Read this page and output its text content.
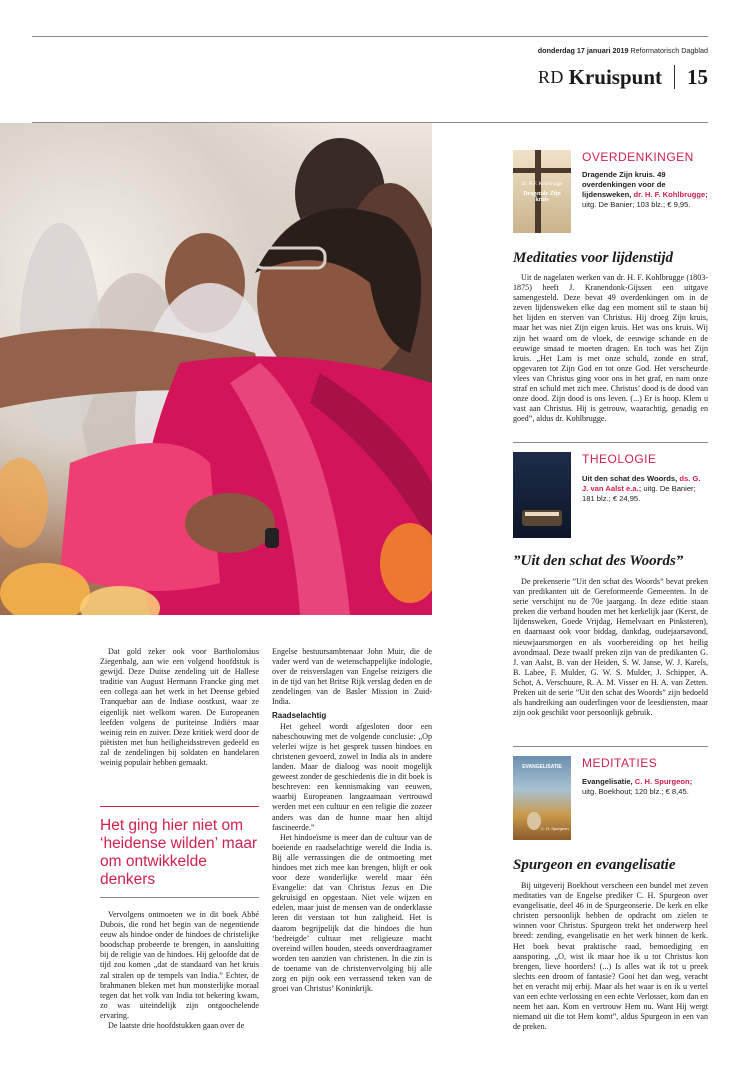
donderdag 17 januari 2019 Reformatorisch Dagblad
RD Kruispunt 15

Dat gold zeker ook voor Bartholomäus Ziegenbalg, aan wie een volgend hoofdstuk is gewijd. Deze Duitse zendeling uit de Hallese traditie van August Hermann Francke ging met een collega aan het werk in het Deense gebied Tranquebar aan de Indiase oostkust, waar ze eigenlijk niet welkom waren. De Europeanen leefden volgens de puriteinse Indiërs maar weinig rein en zuiver. Deze kritiek werd door de piëtisten met hun heiligheidsstreven gedeeld en zal de zendelingen bij soldaten en handelaren weinig populair hebben gemaakt.

Het ging hier niet om ‘heidense wilden’ maar om ontwikkelde denkers

Vervolgens ontmoeten we in dit boek Abbé Dubois, die rond het begin van de negentiende eeuw als hindoe onder de hindoes de christelijke boodschap probeerde te brengen, in aansluiting bij de religie van de hindoes. Hij geloofde dat de tijd zou komen „dat de standaard van het kruis zal stralen op de tempels van India.” Echter, de brahmanen bleken met hun monsterlijke moraal tegen dat het volk van India tot bekering kwam, zo was uiteindelijk zijn ontgoochelende ervaring.

De laatste drie hoofdstukken gaan over de

Engelse bestuursambtenaar John Muir, die de vader werd van de wetenschappelijke indologie, over de reisverslagen van Engelse reizigers die in de tijd van het Britse Rijk verslag deden en de zendelingen van de Basler Mission in Zuid-India.

Raadselachtig

Het geheel wordt afgesloten door een nabeschouwing met de volgende conclusie: „Op velerlei wijze is het gesprek tussen hindoes en christenen gevoerd, zowel in India als in andere landen. Maar de dialoog was nooit mogelijk geweest zonder de geschiedenis die in dit boek is beschreven: een kennismaking van eeuwen, waarbij Europeanen langzaamaan vertrouwd werden met een cultuur en een religie die zozeer anders was dan de hunne maar hen altijd fascineerde.”

Het hindoeïsme is meer dan de cultuur van de boeiende en raadselachtige wereld die India is. Bij alle verrassingen die de ontmoeting met hindoes met zich mee kan brengen, blijft er ook voor deze wonderlijke wereld maar één Evangelie: dat van Christus Jezus en Die gekruisigd en opgestaan. Niet vele wijzen en edelen, maar juist de mensen van de onderklasse leren dit verstaan tot hun zaligheid. Het is daarom begrijpelijk dat die hindoes die hun ‘bedreigde’ cultuur met religieuze macht overeind willen houden, steeds onverdraagzamer worden ten aanzien van christenen. In die zin is de toename van de christenvervolging bij alle zorg en pijn ook een verrassend teken van de groei van Christus’ Koninkrijk.

Dr. H.F. Kohlbrugge
Dragende Zijn kruis
OVERDENKINGEN
Dragende Zijn kruis. 49 overdenkingen voor de lijdensweken, dr. H. F. Kohlbrugge; uitg. De Banier; 103 blz.; € 9,95.
Meditaties voor lijdenstijd

Uit de nagelaten werken van dr. H. F. Kohlbrugge (1803-1875) heeft J. Kranendonk-Gijssen een uitgave samengesteld. Deze bevat 49 overdenkingen om in de zeven lijdensweken elke dag een moment stil te staan bij het lijden en sterven van Christus. Hij droeg Zijn kruis, maar het was niet Zijn eigen kruis. Het was ons kruis. Wij zijn het waard om de vloek, de eeuwige schande en de eeuwige smaad te moeten dragen. En toch was het Zijn kruis. „Het Lam is met onze schuld, zonde en straf, opgevaren tot Zijn God en tot onze God. Het verscheurde vlees van Christus ging voor ons in het graf, en nam onze straf en schuld met zich mee. Christus’ dood is de dood van onze dood. Zijn dood is ons leven. (...) Er is hoop. Klem u vast aan Christus. Hij is getrouw, waarachtig, genadig en goed”, aldus dr. Kohlbrugge.

THEOLOGIE
Uit den schat des Woords, ds. G. J. van Aalst e.a.; uitg. De Banier; 181 blz.; € 24,95.
”Uit den schat des Woords”

De prekenserie ”Uit den schat des Woords” bevat preken van predikanten uit de Gereformeerde Gemeenten. In de serie verschijnt nu de 70e jaargang. In deze editie staan preken die verband houden met het kerkelijk jaar (Kerst, de lijdensweken, Goede Vrijdag, Hemelvaart en Pinksteren), en daarnaast ook voor biddag, dankdag, oudejaarsavond, nieuwjaarsmorgen en als voorbereiding op het heilig avondmaal. Deze twaalf preken zijn van de predikanten G. J. van Aalst, B. van der Heiden, S. W. Janse, W. J. Karels, B. Labee, F. Mulder, G. W. S. Mulder, J. Schipper, A. Schot, A. Verschuure, R. A. M. Visser en H. A. van Zetten. Preken uit de serie ”Uit den schat des Woords” zijn bedoeld als handreiking aan ouderlingen voor de leesdiensten, maar zijn ook geschikt voor persoonlijk gebruik.

EVANGELISATIE
C. H. Spurgeon
MEDITATIES
Evangelisatie, C. H. Spurgeon; uitg. Boekhout; 120 blz.; € 8,45.
Spurgeon en evangelisatie

Bij uitgeverij Boekhout verscheen een bundel met zeven meditaties van de Engelse prediker C. H. Spurgeon over evangelisatie, deel 46 in de Spurgeonserie. De kerk en elke christen persoonlijk hebben de opdracht om zielen te winnen voor Christus. Spurgeon trekt het onderwerp heel breed: zending, evangelisatie en het werk binnen de kerk. Het boek bevat praktische raad, bemoediging en aansporing. „O, wist ik maar hoe ik u tot Christus kon brengen, lieve hoorders! (...) Is alles wat ik tot u preek slechts een droom of fantasie? Gooi het dan weg, veracht het en veracht mij erbij. Maar als het waar is en ik u vertel van een echte verlossing en een echte Verlosser, kom dan en neem het aan. Kom en vertrouw Hem nu. Want Hij wergt niemand uit die tot Hem komt”, aldus Spurgeon in een van de preken.
